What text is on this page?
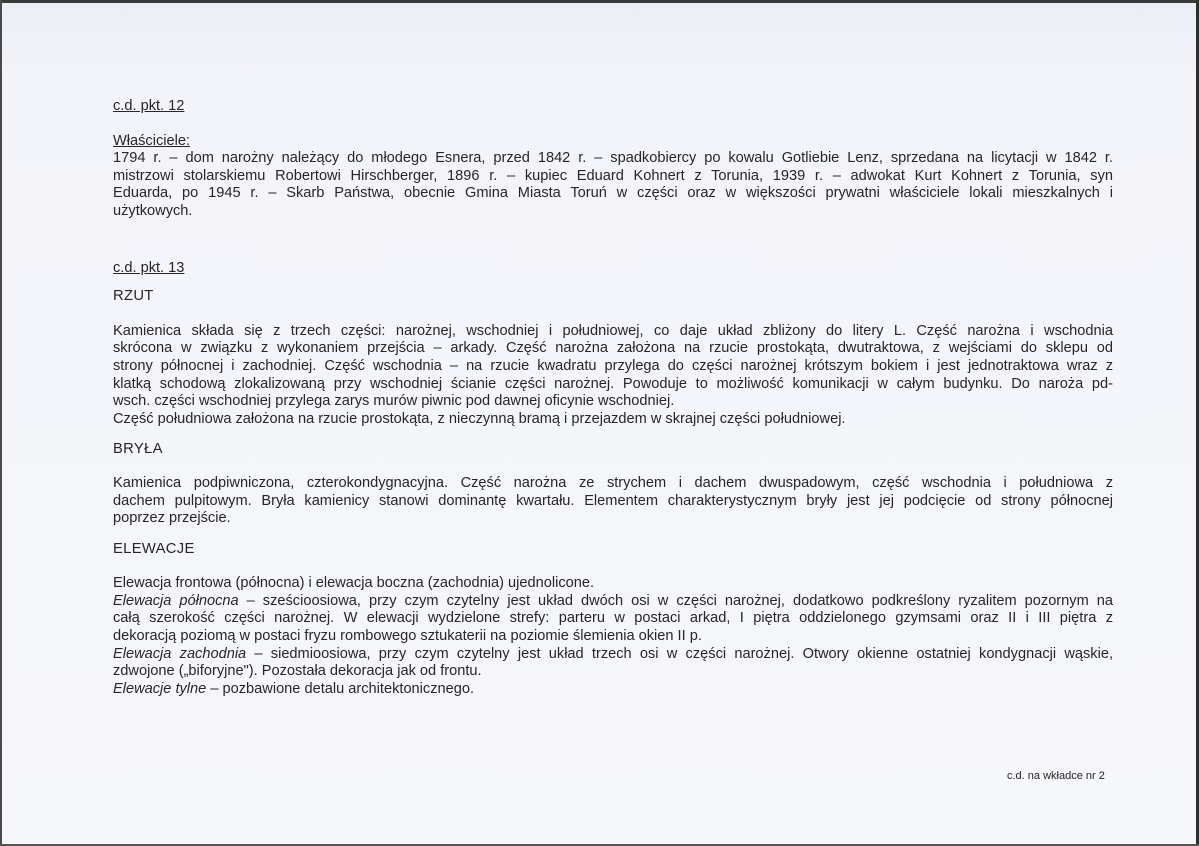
c.d. pkt. 12

Właściciele:

1794 r. – dom narożny należący do młodego Esnera, przed 1842 r. – spadkobiercy po kowalu Gotliebie Lenz, sprzedana na licytacji w 1842 r.

mistrzowi stolarskiemu Robertowi Hirschberger, 1896 r. – kupiec Eduard Kohnert z Torunia, 1939 r. – adwokat Kurt Kohnert z Torunia, syn

Eduarda, po 1945 r. – Skarb Państwa, obecnie Gmina Miasta Toruń w części oraz w większości prywatni właściciele lokali mieszkalnych i

użytkowych.

c.d. pkt. 13

RZUT

Kamienica składa się z trzech części: narożnej, wschodniej i południowej, co daje układ zbliżony do litery L. Część narożna i wschodnia

skrócona w związku z wykonaniem przejścia – arkady. Część narożna założona na rzucie prostokąta, dwutraktowa, z wejściami do sklepu od

strony północnej i zachodniej. Część wschodnia – na rzucie kwadratu przylega do części narożnej krótszym bokiem i jest jednotraktowa wraz z

klatką schodową zlokalizowaną przy wschodniej ścianie części narożnej. Powoduje to możliwość komunikacji w całym budynku. Do naroża pd-

wsch. części wschodniej przylega zarys murów piwnic pod dawnej oficynie wschodniej.

Część południowa założona na rzucie prostokąta, z nieczynną bramą i przejazdem w skrajnej części południowej.

BRYŁA

Kamienica podpiwniczona, czterokondygnacyjna. Część narożna ze strychem i dachem dwuspadowym, część wschodnia i południowa z

dachem pulpitowym. Bryła kamienicy stanowi dominantę kwartału. Elementem charakterystycznym bryły jest jej podcięcie od strony północnej

poprzez przejście.

ELEWACJE

Elewacja frontowa (północna) i elewacja boczna (zachodnia) ujednolicone.

Elewacja północna – sześcioosiowa, przy czym czytelny jest układ dwóch osi w części narożnej, dodatkowo podkreślony ryzalitem pozornym na

całą szerokość części narożnej. W elewacji wydzielone strefy: parteru w postaci arkad, I piętra oddzielonego gzymsami oraz II i III piętra z

dekoracją poziomą w postaci fryzu rombowego sztukaterii na poziomie ślemienia okien II p.

Elewacja zachodnia – siedmioosiowa, przy czym czytelny jest układ trzech osi w części narożnej. Otwory okienne ostatniej kondygnacji wąskie,

zdwojone („biforyjne"). Pozostała dekoracja jak od frontu.

Elewacje tylne – pozbawione detalu architektonicznego.

c.d. na wkładce nr 2
